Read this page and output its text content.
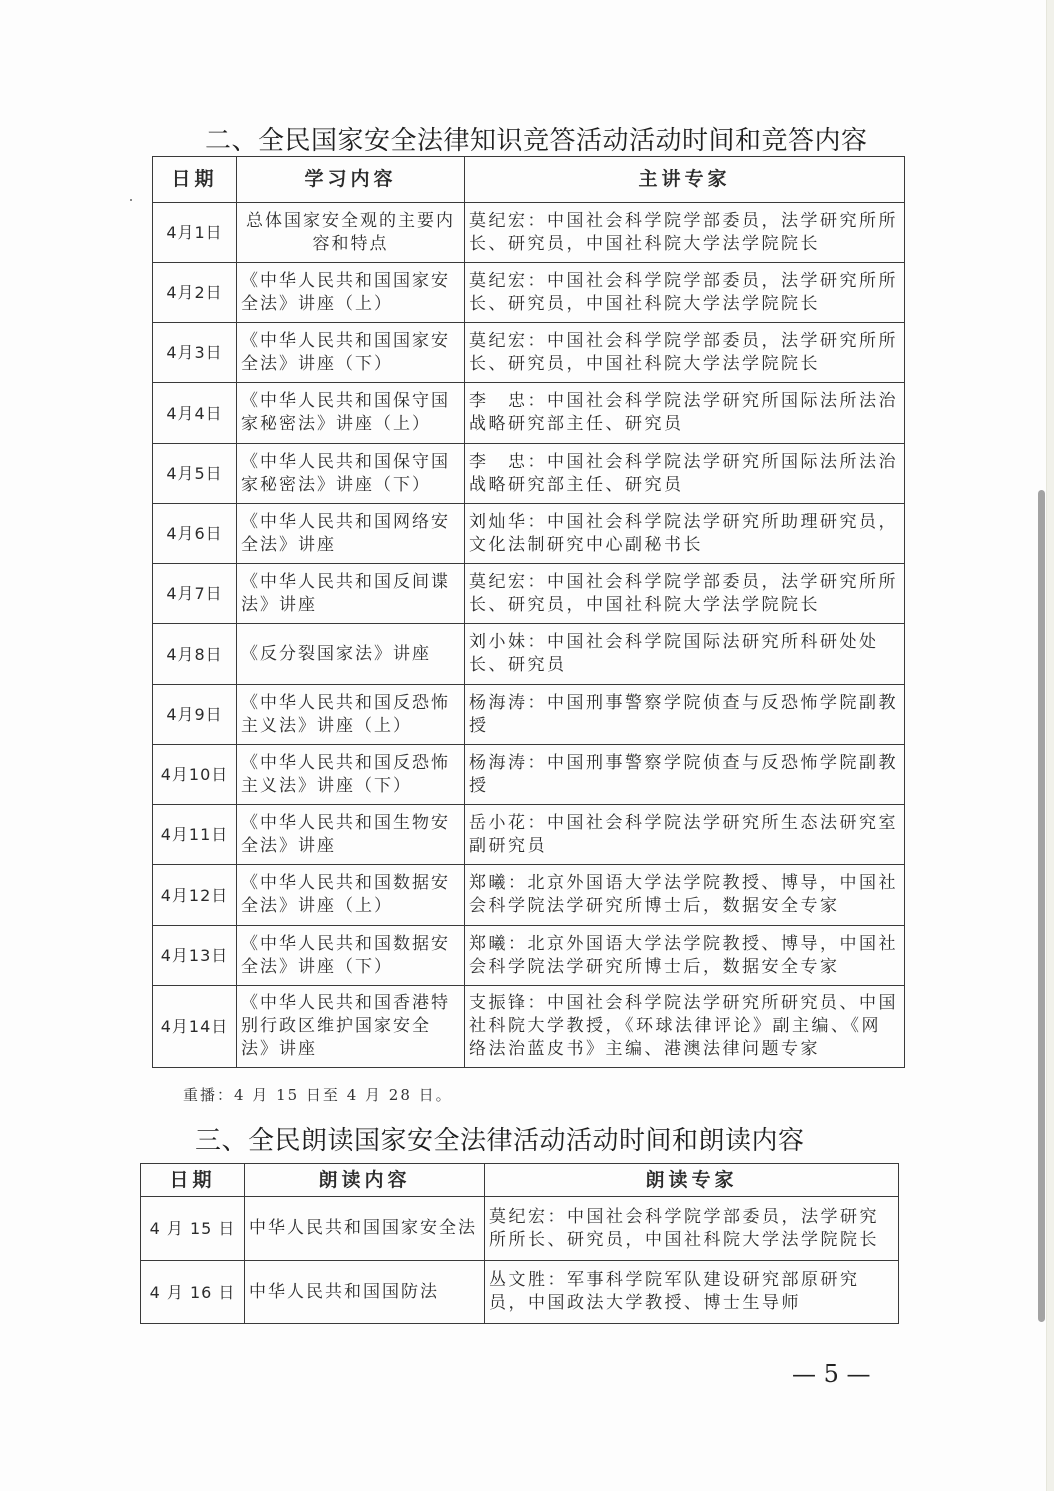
二、全民国家安全法律知识竞答活动活动时间和竞答内容
日期	学习内容	主讲专家
4月1日	总体国家安全观的主要内容和特点	莫纪宏：中国社会科学院学部委员，法学研究所所长、研究员，中国社科院大学法学院院长
4月2日	《中华人民共和国国家安全法》讲座（上）	莫纪宏：中国社会科学院学部委员，法学研究所所长、研究员，中国社科院大学法学院院长
4月3日	《中华人民共和国国家安全法》讲座（下）	莫纪宏：中国社会科学院学部委员，法学研究所所长、研究员，中国社科院大学法学院院长
4月4日	《中华人民共和国保守国家秘密法》讲座（上）	李　忠：中国社会科学院法学研究所国际法所法治战略研究部主任、研究员
4月5日	《中华人民共和国保守国家秘密法》讲座（下）	李　忠：中国社会科学院法学研究所国际法所法治战略研究部主任、研究员
4月6日	《中华人民共和国网络安全法》讲座	刘灿华：中国社会科学院法学研究所助理研究员，文化法制研究中心副秘书长
4月7日	《中华人民共和国反间谍法》讲座	莫纪宏：中国社会科学院学部委员，法学研究所所长、研究员，中国社科院大学法学院院长
4月8日	《反分裂国家法》讲座	刘小妹：中国社会科学院国际法研究所科研处处长、研究员
4月9日	《中华人民共和国反恐怖主义法》讲座（上）	杨海涛：中国刑事警察学院侦查与反恐怖学院副教授
4月10日	《中华人民共和国反恐怖主义法》讲座（下）	杨海涛：中国刑事警察学院侦查与反恐怖学院副教授
4月11日	《中华人民共和国生物安全法》讲座	岳小花：中国社会科学院法学研究所生态法研究室副研究员
4月12日	《中华人民共和国数据安全法》讲座（上）	郑曦：北京外国语大学法学院教授、博导，中国社会科学院法学研究所博士后，数据安全专家
4月13日	《中华人民共和国数据安全法》讲座（下）	郑曦：北京外国语大学法学院教授、博导，中国社会科学院法学研究所博士后，数据安全专家
4月14日	《中华人民共和国香港特别行政区维护国家安全法》讲座	支振锋：中国社会科学院法学研究所研究员、中国社科院大学教授，《环球法律评论》副主编、《网络法治蓝皮书》主编、港澳法律问题专家
重播：4 月 15 日至 4 月 28 日。
三、全民朗读国家安全法律活动活动时间和朗读内容
日期	朗读内容	朗读专家
4 月 15 日	中华人民共和国国家安全法	莫纪宏：中国社会科学院学部委员，法学研究所所长、研究员，中国社科院大学法学院院长
4 月 16 日	中华人民共和国国防法	丛文胜：军事科学院军队建设研究部原研究员，中国政法大学教授、博士生导师
— 5 —
